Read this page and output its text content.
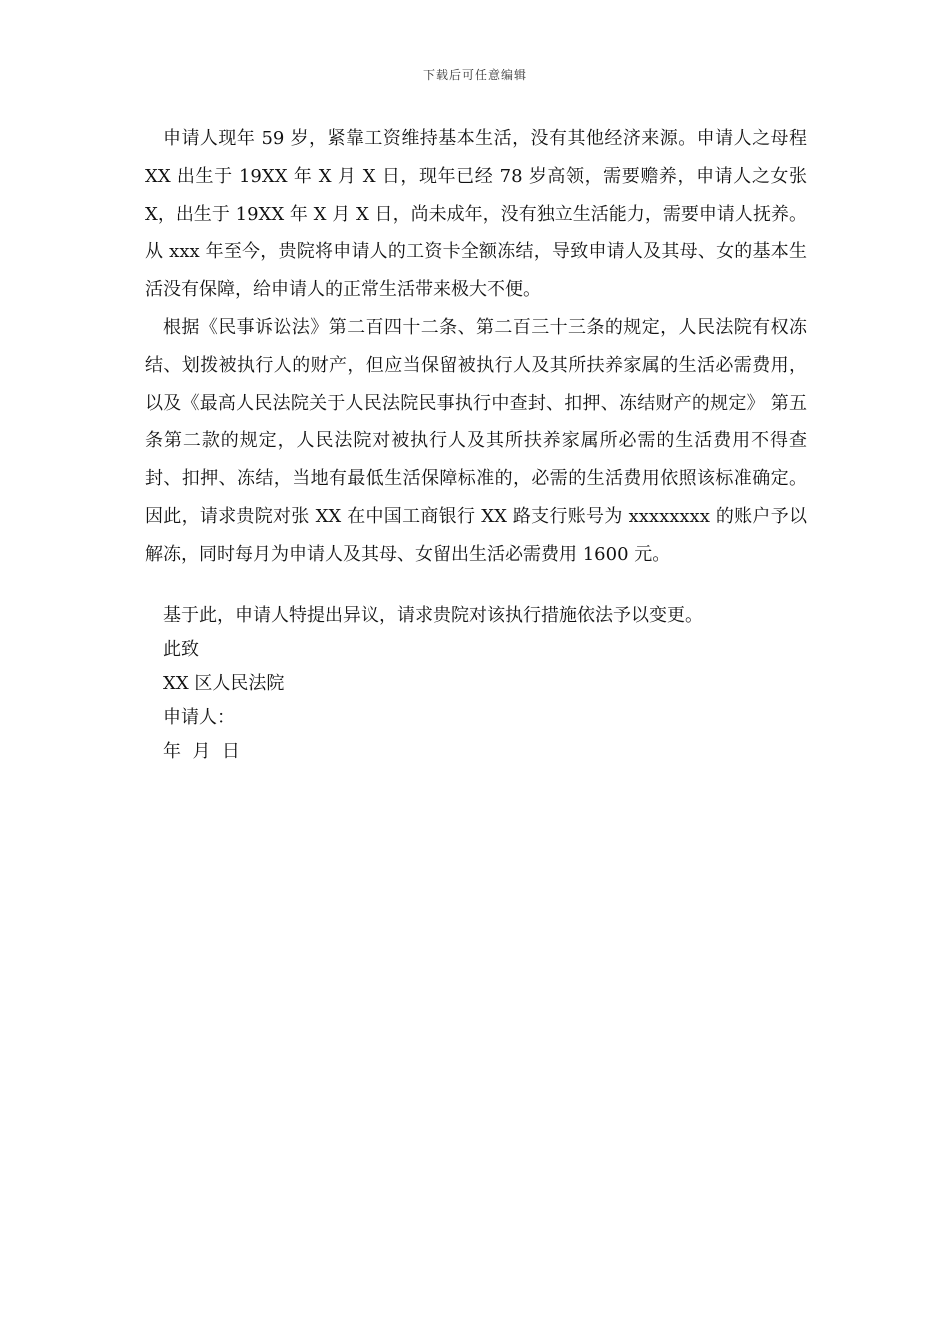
下载后可任意编辑

申请人现年 59 岁，紧靠工资维持基本生活，没有其他经济来源。申请人之母程 XX 出生于 19XX 年 X 月 X 日，现年已经 78 岁高领，需要赡养，申请人之女张 X，出生于 19XX 年 X 月 X 日，尚未成年，没有独立生活能力，需要申请人抚养。从 xxx 年至今，贵院将申请人的工资卡全额冻结，导致申请人及其母、女的基本生活没有保障，给申请人的正常生活带来极大不便。

根据《民事诉讼法》第二百四十二条、第二百三十三条的规定，人民法院有权冻结、划拨被执行人的财产，但应当保留被执行人及其所扶养家属的生活必需费用，以及《最高人民法院关于人民法院民事执行中查封、扣押、冻结财产的规定》 第五条第二款的规定，人民法院对被执行人及其所扶养家属所必需的生活费用不得查封、扣押、冻结，当地有最低生活保障标准的，必需的生活费用依照该标准确定。因此，请求贵院对张 XX 在中国工商银行 XX 路支行账号为 xxxxxxxx 的账户予以解冻，同时每月为申请人及其母、女留出生活必需费用 1600 元。

基于此，申请人特提出异议，请求贵院对该执行措施依法予以变更。
此致
XX 区人民法院
申请人：
年  月  日
